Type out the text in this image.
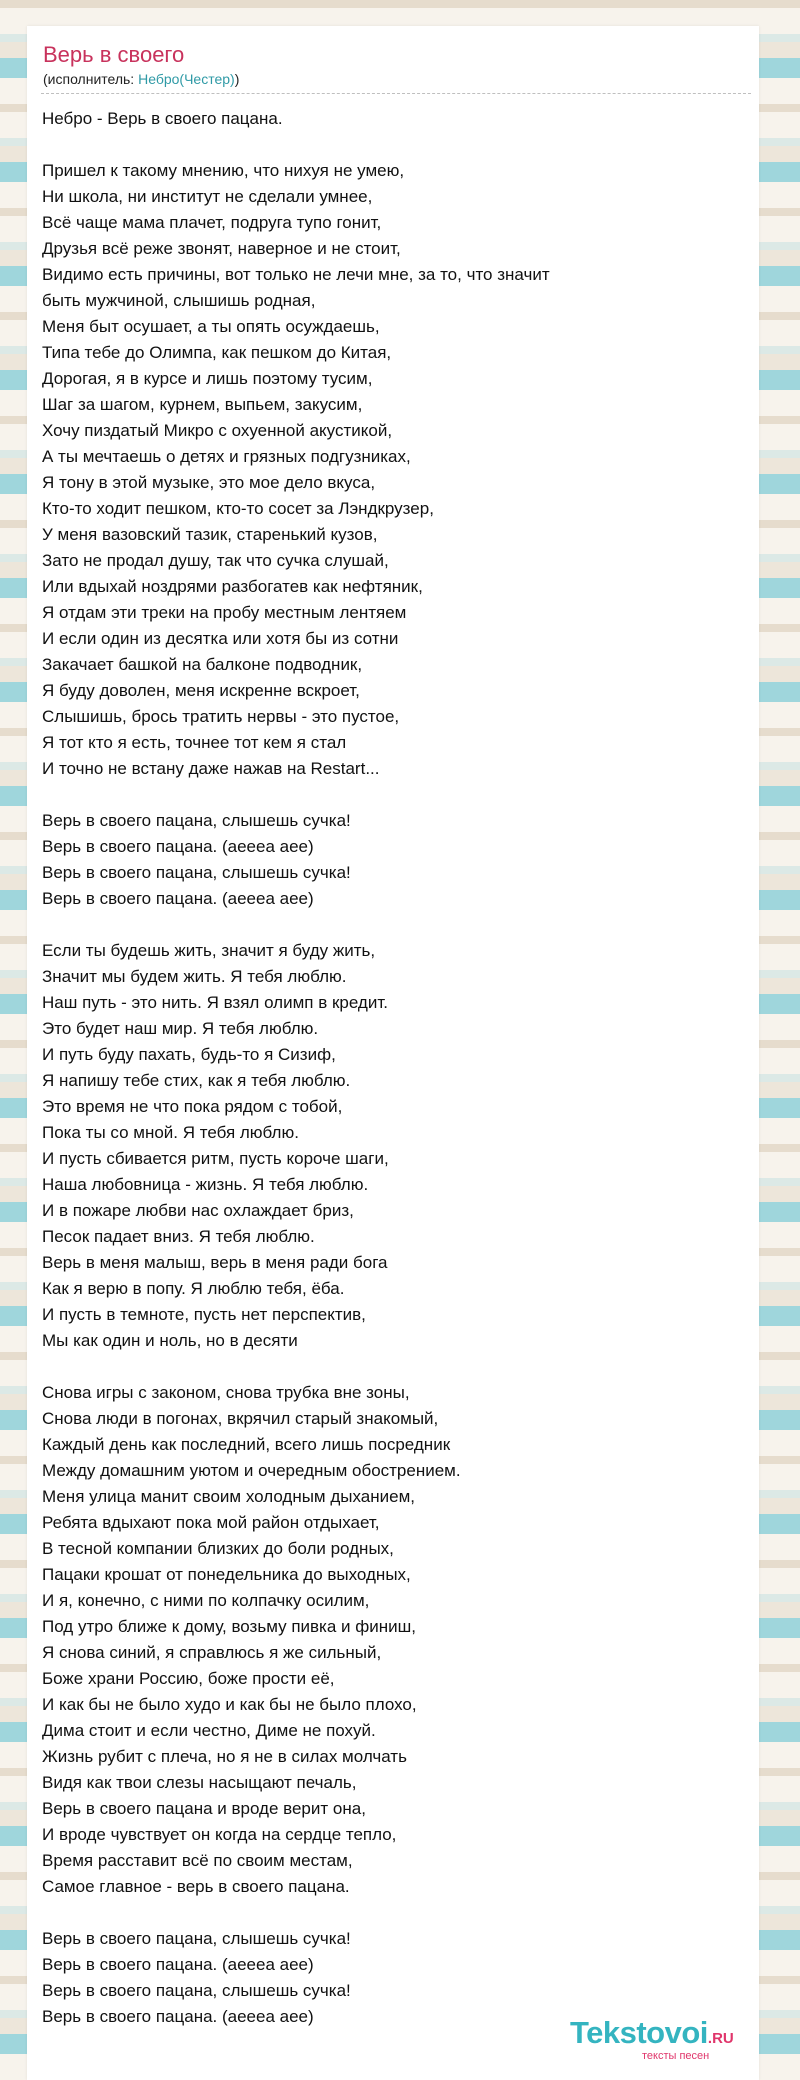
Верь в своего
(исполнитель: Небро(Честер))
Небро - Верь в своего пацана.

Пришел к такому мнению, что нихуя не умею,
Ни школа, ни институт не сделали умнее,
Всё чаще мама плачет, подруга тупо гонит,
Друзья всё реже звонят, наверное и не стоит,
Видимо есть причины, вот только не лечи мне, за то, что значит
быть мужчиной, слышишь родная,
Меня быт осушает, а ты опять осуждаешь,
Типа тебе до Олимпа, как пешком до Китая,
Дорогая, я в курсе и лишь поэтому тусим,
Шаг за шагом, курнем, выпьем, закусим,
Хочу пиздатый Микро с охуенной акустикой,
А ты мечтаешь о детях и грязных подгузниках,
Я тону в этой музыке, это мое дело вкуса,
Кто-то ходит пешком, кто-то сосет за Лэндкрузер,
У меня вазовский тазик, старенький кузов,
Зато не продал душу, так что сучка слушай,
Или вдыхай ноздрями разбогатев как нефтяник,
Я отдам эти треки на пробу местным лентяем
И если один из десятка или хотя бы из сотни
Закачает башкой на балконе подводник,
Я буду доволен, меня искренне вскроет,
Слышишь, брось тратить нервы - это пустое,
Я тот кто я есть, точнее тот кем я стал
И точно не встану даже нажав на Restart...

Верь в своего пацана, слышешь сучка!
Верь в своего пацана. (аееea аее)
Верь в своего пацана, слышешь сучка!
Верь в своего пацана. (аееea аее)

Если ты будешь жить, значит я буду жить,
Значит мы будем жить. Я тебя люблю.
Наш путь - это нить. Я взял олимп в кредит.
Это будет наш мир. Я тебя люблю.
И путь буду пахать, будь-то я Сизиф,
Я напишу тебе стих, как я тебя люблю.
Это время не что пока рядом с тобой,
Пока ты со мной. Я тебя люблю.
И пусть сбивается ритм, пусть короче шаги,
Наша любовница - жизнь. Я тебя люблю.
И в пожаре любви нас охлаждает бриз,
Песок падает вниз. Я тебя люблю.
Верь в меня малыш, верь в меня ради бога
Как я верю в попу. Я люблю тебя, ёба.
И пусть в темноте, пусть нет перспектив,
Мы как один и ноль, но в десяти

Снова игры с законом, снова трубка вне зоны,
Снова люди в погонах, вкрячил старый знакомый,
Каждый день как последний, всего лишь посредник
Между домашним уютом и очередным обострением.
Меня улица манит своим холодным дыханием,
Ребята вдыхают пока мой район отдыхает,
В тесной компании близких до боли родных,
Пацаки крошат от понедельника до выходных,
И я, конечно, с ними по колпачку осилим,
Под утро ближе к дому, возьму пивка и финиш,
Я снова синий, я справлюсь я же сильный,
Боже храни Россию, боже прости её,
И как бы не было худо и как бы не было плохо,
Дима стоит и если честно, Диме не похуй.
Жизнь рубит с плеча, но я не в силах молчать
Видя как твои слезы насыщают печаль,
Верь в своего пацана и вроде верит она,
И вроде чувствует он когда на сердце тепло,
Время расставит всё по своим местам,
Самое главное - верь в своего пацана.

Верь в своего пацана, слышешь сучка!
Верь в своего пацана. (аееea аее)
Верь в своего пацана, слышешь сучка!
Верь в своего пацана. (аееea аее)	Tekstovoi.RU
тексты песен
